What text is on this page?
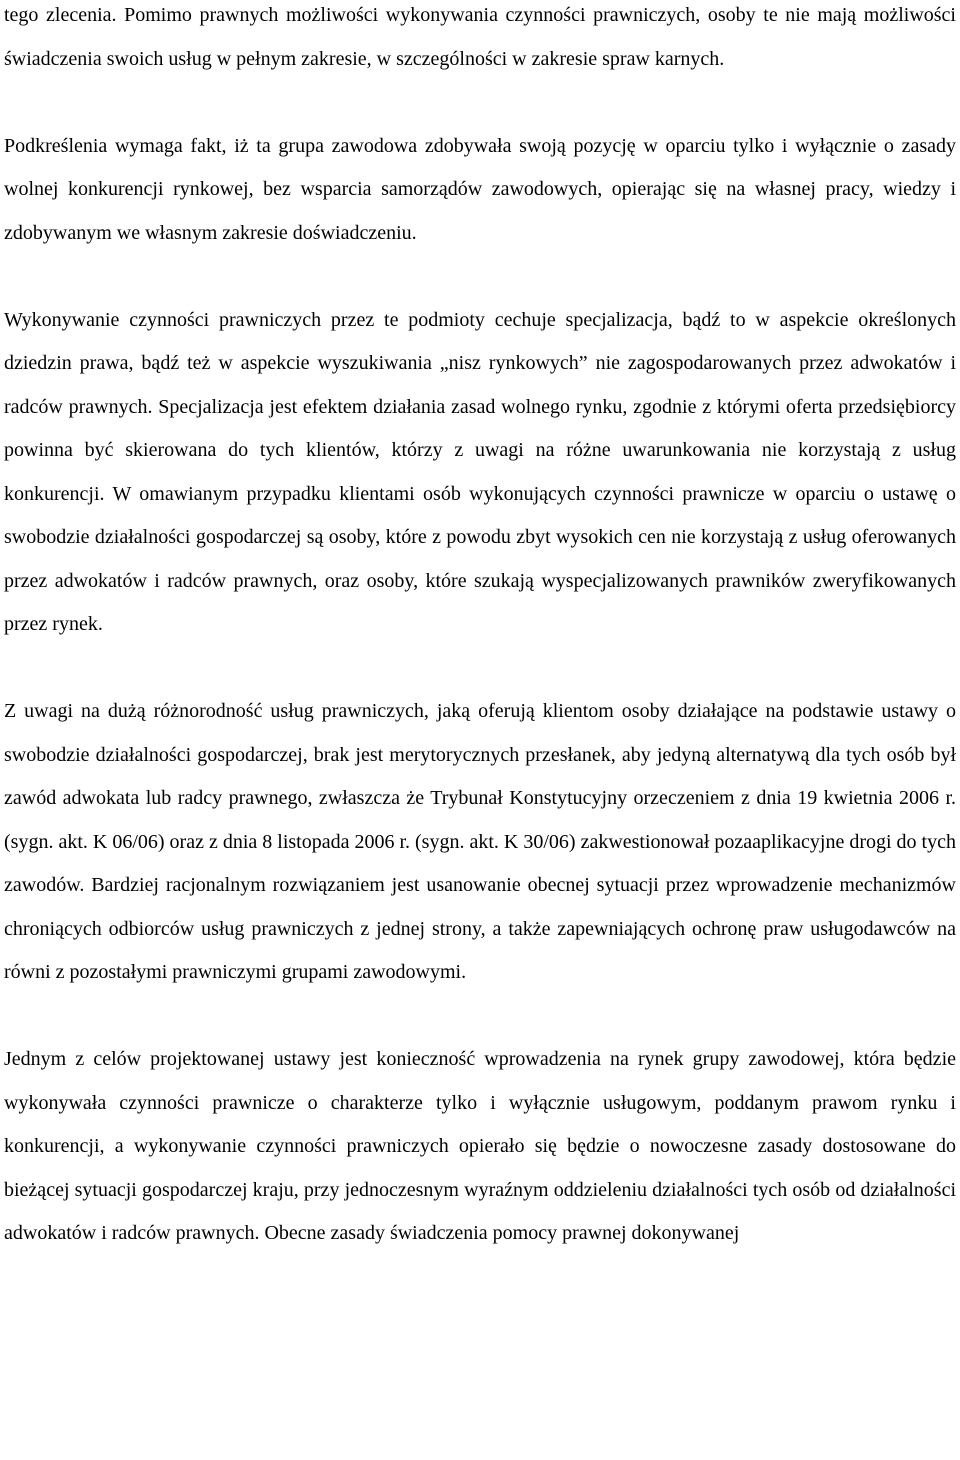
tego zlecenia. Pomimo prawnych możliwości wykonywania czynności prawniczych, osoby te nie mają możliwości świadczenia swoich usług w pełnym zakresie, w szczególności w zakresie spraw karnych.

Podkreślenia wymaga fakt, iż ta grupa zawodowa zdobywała swoją pozycję w oparciu tylko i wyłącznie o zasady wolnej konkurencji rynkowej, bez wsparcia samorządów zawodowych, opierając się na własnej pracy, wiedzy i zdobywanym we własnym zakresie doświadczeniu.

Wykonywanie czynności prawniczych przez te podmioty cechuje specjalizacja, bądź to w aspekcie określonych dziedzin prawa, bądź też w aspekcie wyszukiwania „nisz rynkowych” nie zagospodarowanych przez adwokatów i radców prawnych. Specjalizacja jest efektem działania zasad wolnego rynku, zgodnie z którymi oferta przedsiębiorcy powinna być skierowana do tych klientów, którzy z uwagi na różne uwarunkowania nie korzystają z usług konkurencji. W omawianym przypadku klientami osób wykonujących czynności prawnicze w oparciu o ustawę o swobodzie działalności gospodarczej są osoby, które z powodu zbyt wysokich cen nie korzystają z usług oferowanych przez adwokatów i radców prawnych, oraz osoby, które szukają wyspecjalizowanych prawników zweryfikowanych przez rynek.

Z uwagi na dużą różnorodność usług prawniczych, jaką oferują klientom osoby działające na podstawie ustawy o swobodzie działalności gospodarczej, brak jest merytorycznych przesłanek, aby jedyną alternatywą dla tych osób był zawód adwokata lub radcy prawnego, zwłaszcza że Trybunał Konstytucyjny orzeczeniem z dnia 19 kwietnia 2006 r. (sygn. akt. K 06/06) oraz z dnia 8 listopada 2006 r. (sygn. akt. K 30/06) zakwestionował pozaaplikacyjne drogi do tych zawodów. Bardziej racjonalnym rozwiązaniem jest usanowanie obecnej sytuacji przez wprowadzenie mechanizmów chroniących odbiorców usług prawniczych z jednej strony, a także zapewniających ochronę praw usługodawców na równi z pozostałymi prawniczymi grupami zawodowymi.

Jednym z celów projektowanej ustawy jest konieczność wprowadzenia na rynek grupy zawodowej, która będzie wykonywała czynności prawnicze o charakterze tylko i wyłącznie usługowym, poddanym prawom rynku i konkurencji, a wykonywanie czynności prawniczych opierało się będzie o nowoczesne zasady dostosowane do bieżącej sytuacji gospodarczej kraju, przy jednoczesnym wyraźnym oddzieleniu działalności tych osób od działalności adwokatów i radców prawnych. Obecne zasady świadczenia pomocy prawnej dokonywanej
